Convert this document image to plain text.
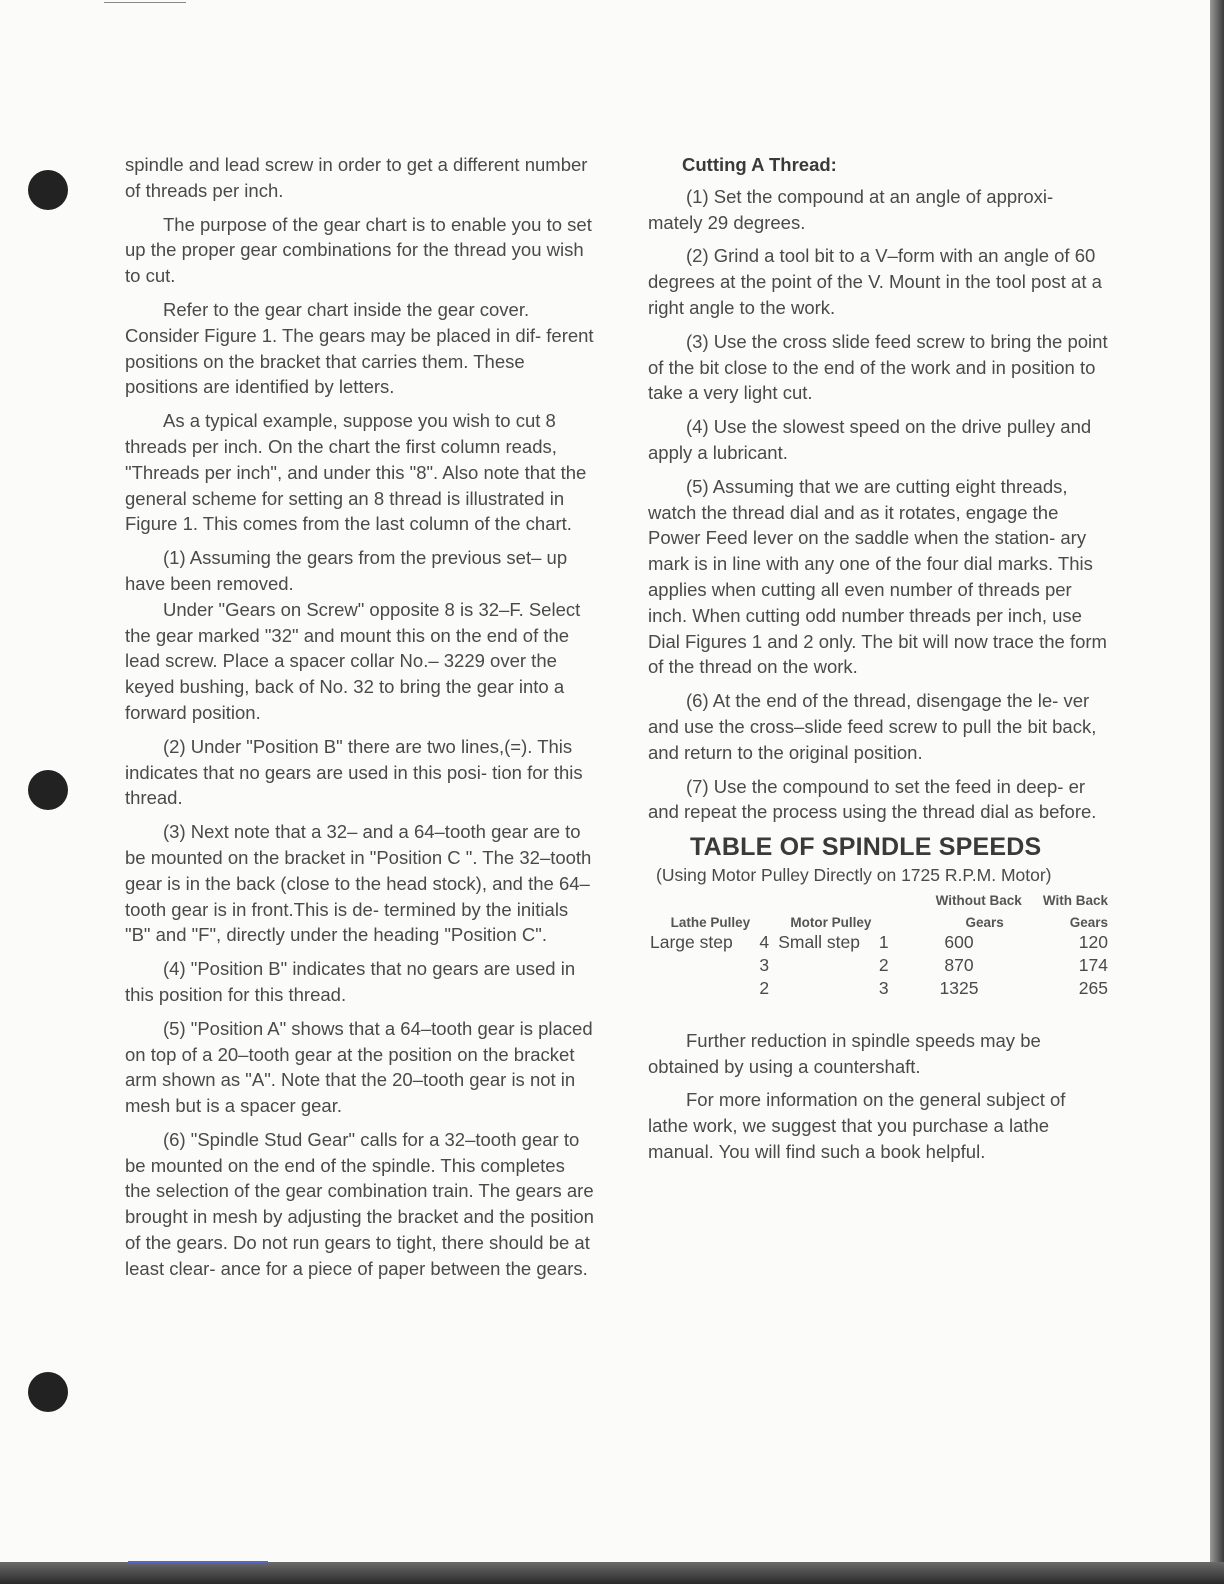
spindle and lead screw in order to get a different number of threads per inch.

The purpose of the gear chart is to enable you to set up the proper gear combinations for the thread you wish to cut.

Refer to the gear chart inside the gear cover. Consider Figure 1. The gears may be placed in dif- ferent positions on the bracket that carries them. These positions are identified by letters.

As a typical example, suppose you wish to cut 8 threads per inch. On the chart the first column reads, "Threads per inch", and under this "8". Also note that the general scheme for setting an 8 thread is illustrated in Figure 1. This comes from the last column of the chart.

(1) Assuming the gears from the previous set– up have been removed.

Under "Gears on Screw" opposite 8 is 32–F. Select the gear marked "32" and mount this on the end of the lead screw. Place a spacer collar No.– 3229 over the keyed bushing, back of No. 32 to bring the gear into a forward position.

(2) Under "Position B" there are two lines,(=). This indicates that no gears are used in this posi- tion for this thread.

(3) Next note that a 32– and a 64–tooth gear are to be mounted on the bracket in "Position C ". The 32–tooth gear is in the back (close to the head stock), and the 64–tooth gear is in front.This is de- termined by the initials "B" and "F", directly under the heading "Position C".

(4) "Position B" indicates that no gears are used in this position for this thread.

(5) "Position A" shows that a 64–tooth gear is placed on top of a 20–tooth gear at the position on the bracket arm shown as "A". Note that the 20–tooth gear is not in mesh but is a spacer gear.

(6) "Spindle Stud Gear" calls for a 32–tooth gear to be mounted on the end of the spindle. This completes the selection of the gear combination train. The gears are brought in mesh by adjusting the bracket and the position of the gears. Do not run gears to tight, there should be at least clear- ance for a piece of paper between the gears.

Cutting A Thread:

(1) Set the compound at an angle of approxi- mately 29 degrees.

(2) Grind a tool bit to a V–form with an angle of 60 degrees at the point of the V. Mount in the tool post at a right angle to the work.

(3) Use the cross slide feed screw to bring the point of the bit close to the end of the work and in position to take a very light cut.

(4) Use the slowest speed on the drive pulley and apply a lubricant.

(5) Assuming that we are cutting eight threads, watch the thread dial and as it rotates, engage the Power Feed lever on the saddle when the station- ary mark is in line with any one of the four dial marks. This applies when cutting all even number of threads per inch. When cutting odd number threads per inch, use Dial Figures 1 and 2 only. The bit will now trace the form of the thread on the work.

(6) At the end of the thread, disengage the le- ver and use the cross–slide feed screw to pull the bit back, and return to the original position.

(7) Use the compound to set the feed in deep- er and repeat the process using the thread dial as before.

TABLE OF SPINDLE SPEEDS
(Using Motor Pulley Directly on 1725 R.P.M. Motor)
				Without Back	With Back
Lathe Pulley		Motor Pulley		Gears	Gears
Large step	4	Small step	1	600	120
	3		2	870	174
	2		3	1325	265

Further reduction in spindle speeds may be obtained by using a countershaft.

For more information on the general subject of lathe work, we suggest that you purchase a lathe manual. You will find such a book helpful.
